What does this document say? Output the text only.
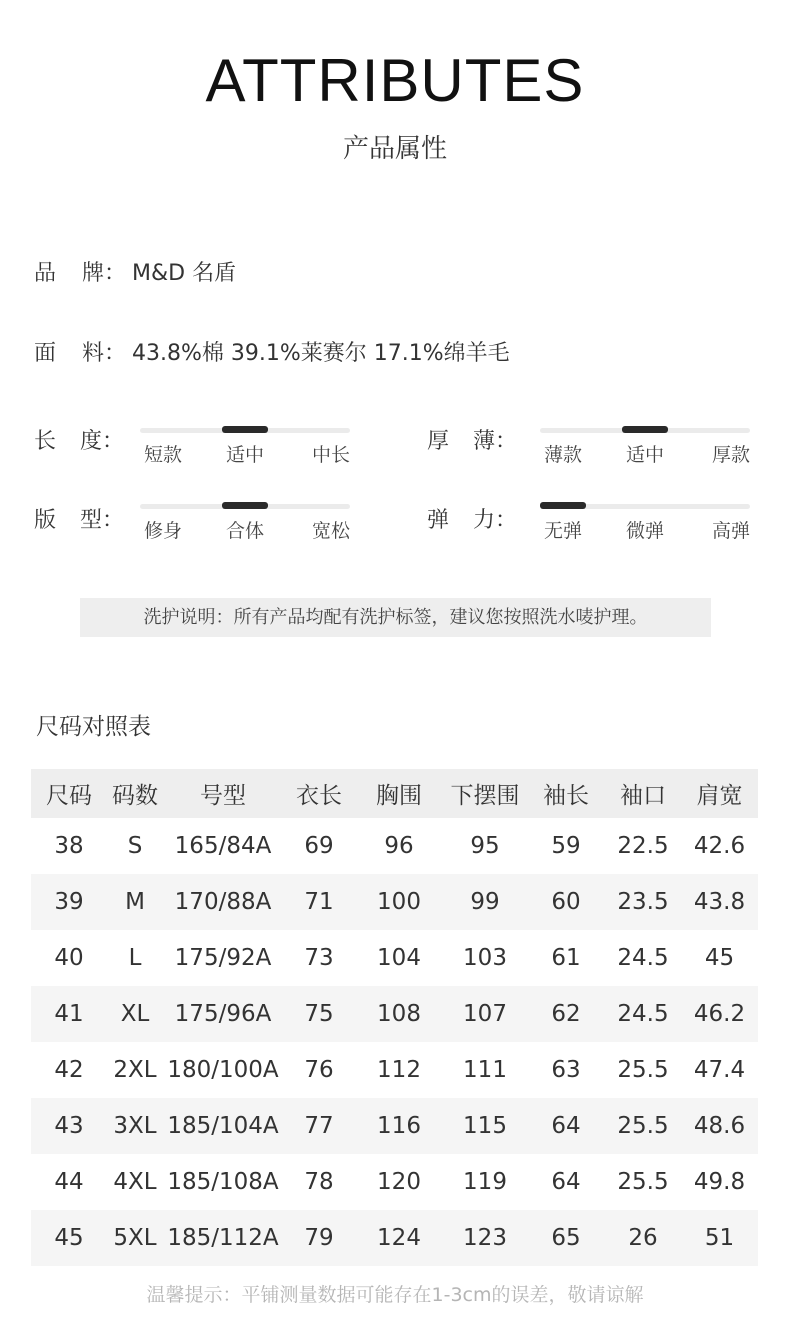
ATTRIBUTES
产品属性
品 牌： M&D 名盾
面 料： 43.8%棉 39.1%莱赛尔 17.1%绵羊毛
长 度：
短款 适中	中长
厚 薄：
薄款 适中	厚款
版 型： 修身 合体	宽松	弹 力： 无弹 微弹	高弹
洗护说明：所有产品均配有洗护标签，建议您按照洗水唛护理。
尺码对照表
尺码	码数	号型	衣长	胸围	下摆围	袖长	袖口	肩宽
38	S	165/84A	69	96	95	59	22.5	42.6
39	M	170/88A	71	100	99	60	23.5	43.8
40	L	175/92A	73	104	103	61	24.5	45
41	XL	175/96A	75	108	107	62	24.5	46.2
42	2XL	180/100A	76	112	111	63	25.5	47.4
43	3XL	185/104A	77	116	115	64	25.5	48.6
44	4XL	185/108A	78	120	119	64	25.5	49.8
45	5XL	185/112A	79	124	123	65	26	51
温馨提示：平铺测量数据可能存在1-3cm的误差，敬请谅解
